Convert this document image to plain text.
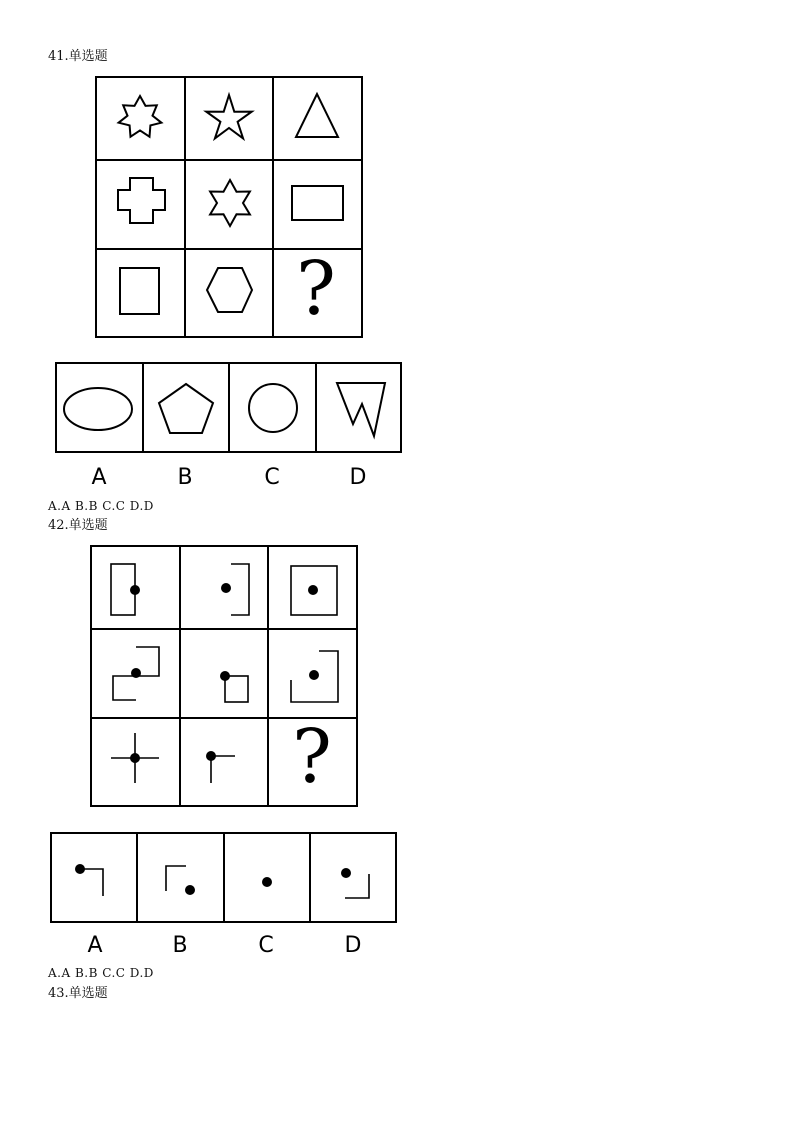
41.单选题
?
A	B	C	D
?
A	B	C	D
A.A B.B C.C D.D
42.单选题
A.A B.B C.C D.D
43.单选题
